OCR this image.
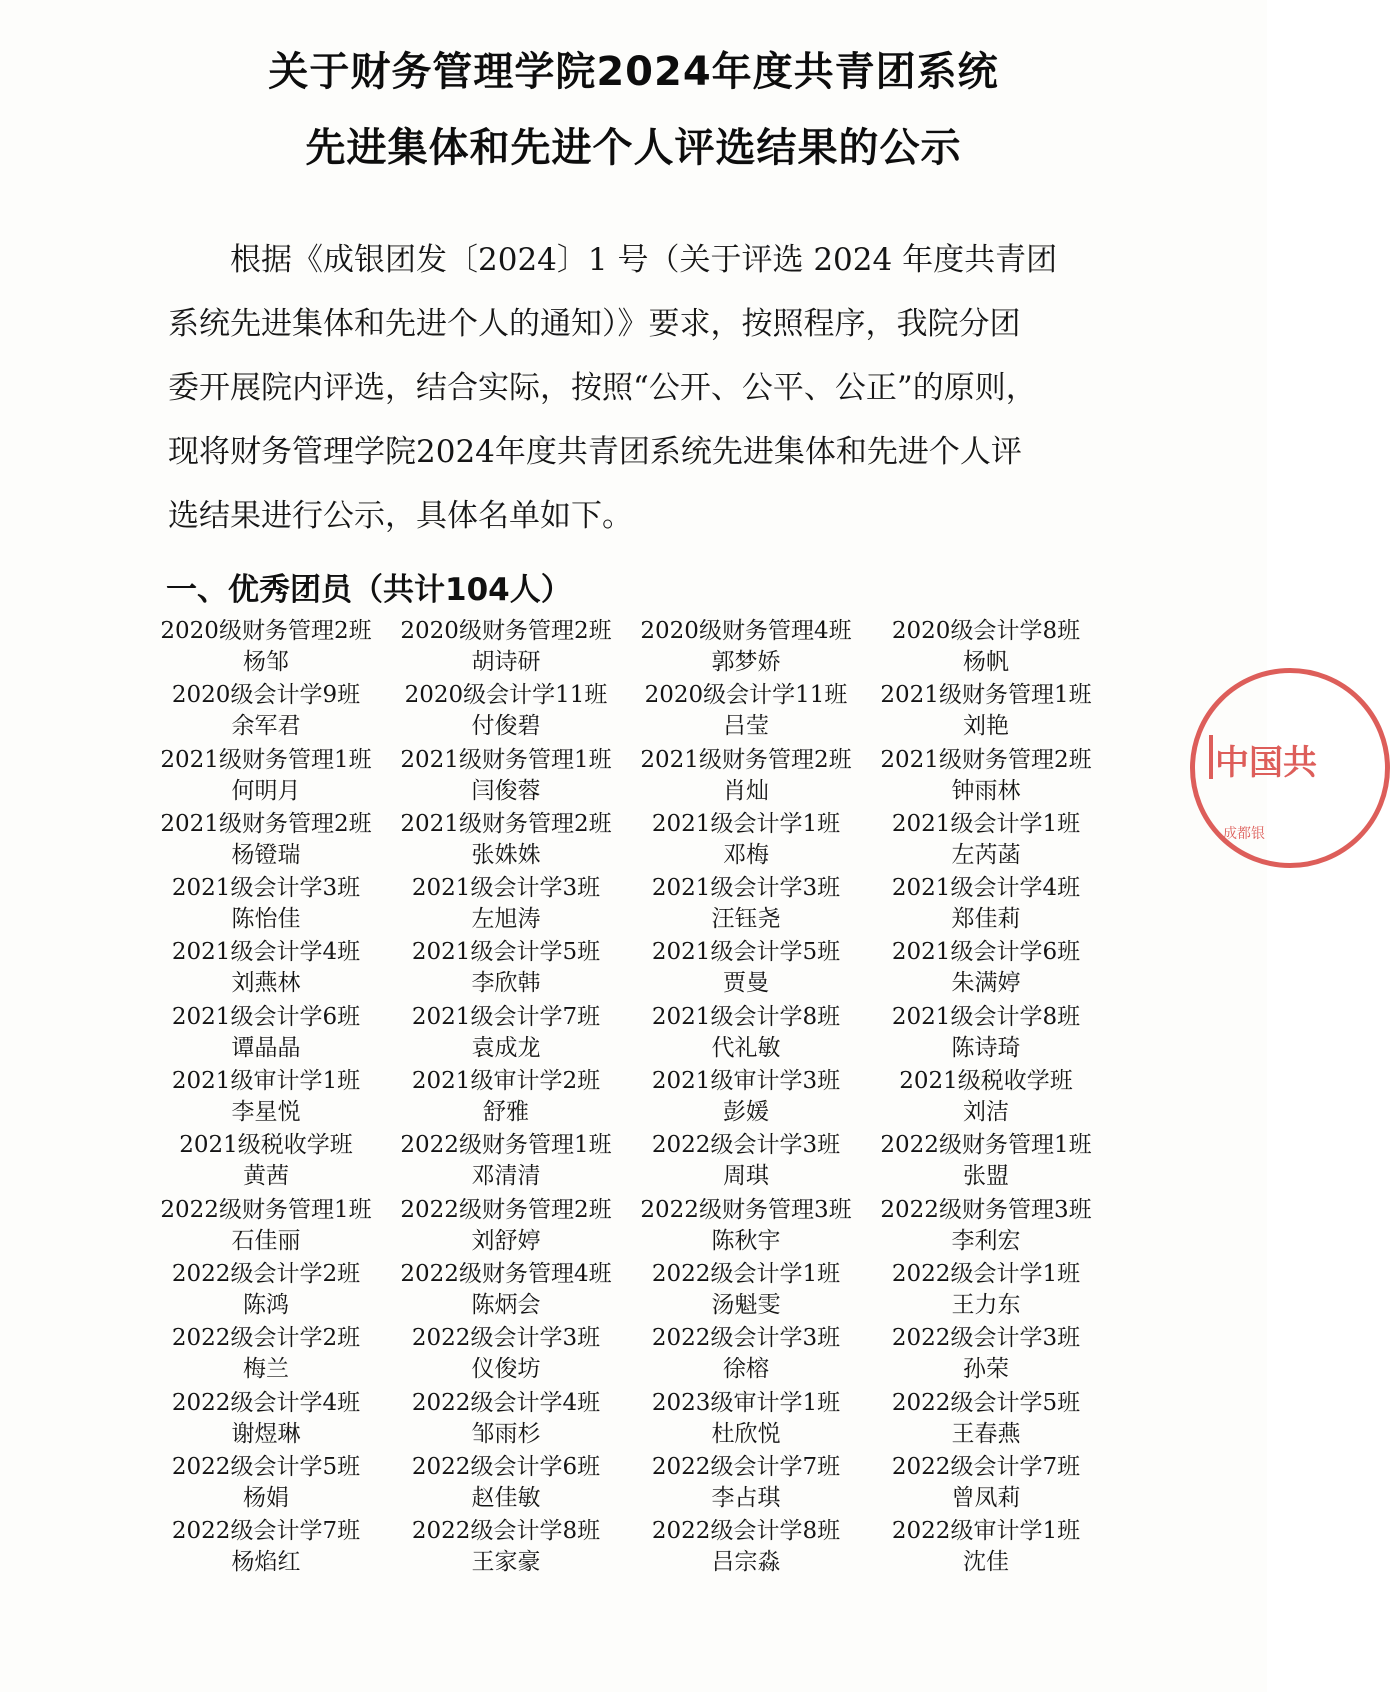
关于财务管理学院2024年度共青团系统
先进集体和先进个人评选结果的公示
　　根据《成银团发〔2024〕1 号（关于评选 2024 年度共青团
系统先进集体和先进个人的通知）》要求，按照程序，我院分团
委开展院内评选，结合实际，按照“公开、公平、公正”的原则，
现将财务管理学院2024年度共青团系统先进集体和先进个人评
选结果进行公示，具体名单如下。
一、优秀团员（共计104人）
2020级财务管理2班
杨邹
2020级财务管理2班
胡诗研
2020级财务管理4班
郭梦娇
2020级会计学8班
杨帆
2020级会计学9班
余军君
2020级会计学11班
付俊碧
2020级会计学11班
吕莹
2021级财务管理1班
刘艳
2021级财务管理1班
何明月
2021级财务管理1班
闫俊蓉
2021级财务管理2班
肖灿
2021级财务管理2班
钟雨林
2021级财务管理2班
杨镫瑞
2021级财务管理2班
张姝姝
2021级会计学1班
邓梅
2021级会计学1班
左芮菡
2021级会计学3班
陈怡佳
2021级会计学3班
左旭涛
2021级会计学3班
汪钰尧
2021级会计学4班
郑佳莉
2021级会计学4班
刘燕林
2021级会计学5班
李欣韩
2021级会计学5班
贾曼
2021级会计学6班
朱满婷
2021级会计学6班
谭晶晶
2021级会计学7班
袁成龙
2021级会计学8班
代礼敏
2021级会计学8班
陈诗琦
2021级审计学1班
李星悦
2021级审计学2班
舒雅
2021级审计学3班
彭媛
2021级税收学班
刘洁
2021级税收学班
黄茜
2022级财务管理1班
邓清清
2022级会计学3班
周琪
2022级财务管理1班
张盟
2022级财务管理1班
石佳丽
2022级财务管理2班
刘舒婷
2022级财务管理3班
陈秋宇
2022级财务管理3班
李利宏
2022级会计学2班
陈鸿
2022级财务管理4班
陈炳会
2022级会计学1班
汤魁雯
2022级会计学1班
王力东
2022级会计学2班
梅兰
2022级会计学3班
仪俊坊
2022级会计学3班
徐榕
2022级会计学3班
孙荣
2022级会计学4班
谢煜琳
2022级会计学4班
邹雨杉
2023级审计学1班
杜欣悦
2022级会计学5班
王春燕
2022级会计学5班
杨娟
2022级会计学6班
赵佳敏
2022级会计学7班
李占琪
2022级会计学7班
曾凤莉
2022级会计学7班
杨焰红
2022级会计学8班
王家豪
2022级会计学8班
吕宗淼
2022级审计学1班
沈佳
中国共
成都银
